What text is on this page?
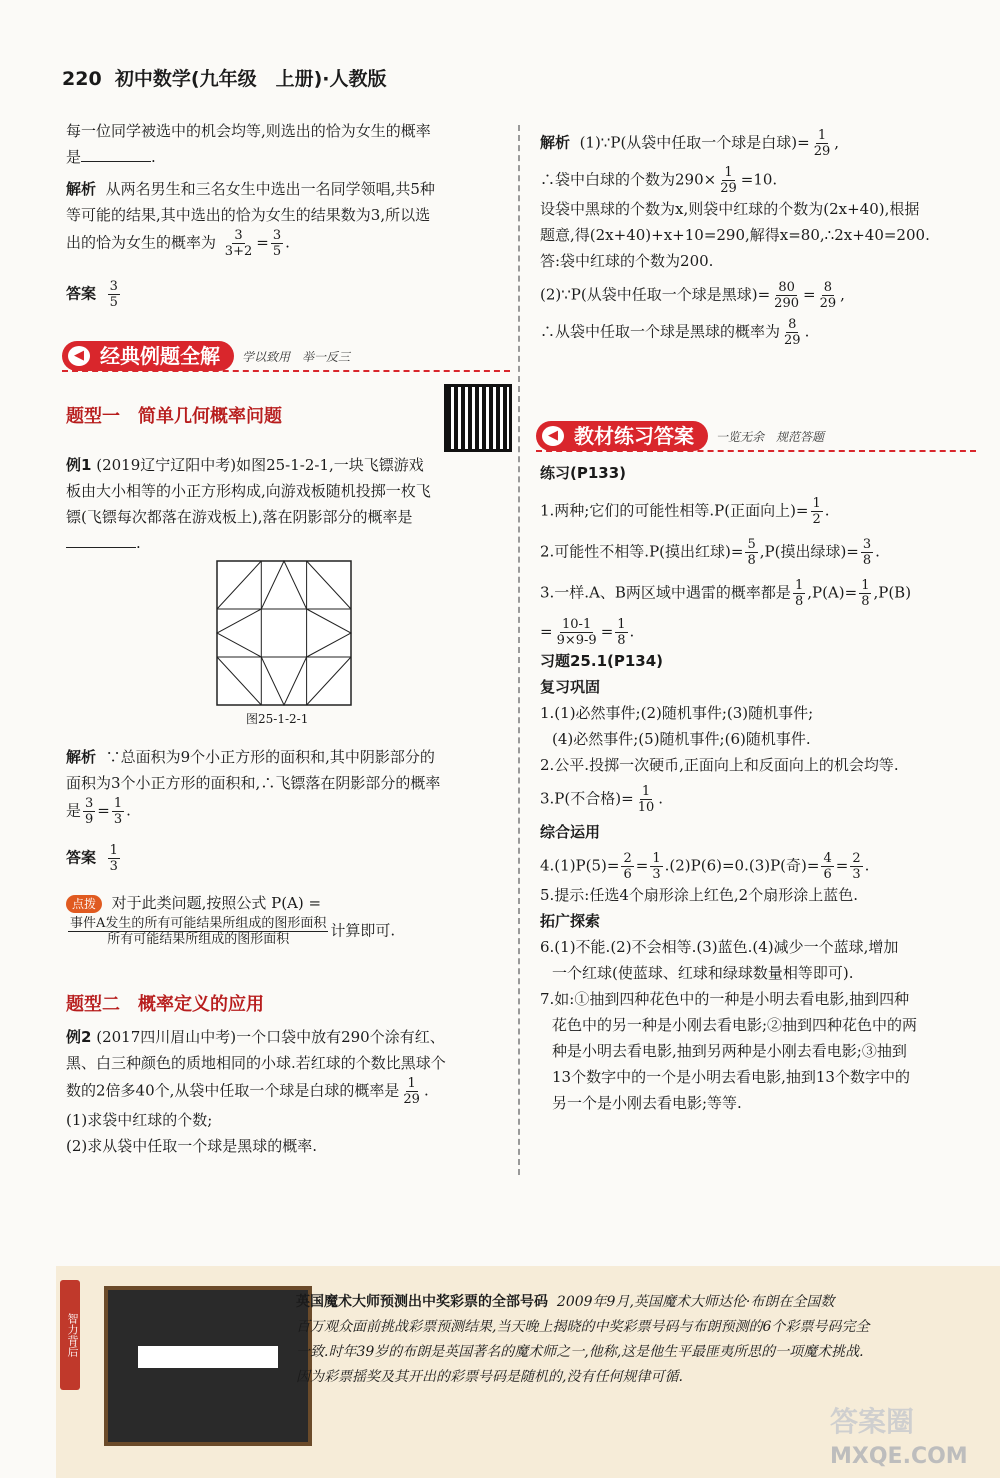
220 初中数学(九年级　上册)·人教版

每一位同学被选中的机会均等,则选出的恰为女生的概率

是	.

解析 从两名男生和三名女生中选出一名同学领唱,共5种

等可能的结果,其中选出的恰为女生的结果数为3,所以选

出的恰为女生的概率为 $\frac{3}{3+2} = \frac{3}{5}$ .

答案 $\frac{3}{5}$

◀ 经典例题全解	学以致用　举一反三
题型一　简单几何概率问题

例1 (2019辽宁辽阳中考)如图25-1-2-1,一块飞镖游戏

板由大小相等的小正方形构成,向游戏板随机投掷一枚飞

镖(飞镖每次都落在游戏板上),落在阴影部分的概率是

.

图25-1-2-1

解析 ∵总面积为9个小正方形的面积和,其中阴影部分的

面积为3个小正方形的面积和,∴飞镖落在阴影部分的概率

是 $\frac{3}{9} = \frac{1}{3}$ .

答案 $\frac{1}{3}$

点拨 对于此类问题,按照公式 P(A) =

$\frac{\text{事件A发生的所有可能结果所组成的图形面积}}{\text{所有可能结果所组成的图形面积}}$ 计算即可.

题型二　概率定义的应用

例2 (2017四川眉山中考)一个口袋中放有290个涂有红、

黑、白三种颜色的质地相同的小球.若红球的个数比黑球个

数的2倍多40个,从袋中任取一个球是白球的概率是 $\frac{1}{29}$ .

(1)求袋中红球的个数;

(2)求从袋中任取一个球是黑球的概率.

解析 (1)∵P(从袋中任取一个球是白球)= $\frac{1}{29}$ ,

∴袋中白球的个数为$290\times \frac{1}{29} =10$.

设袋中黑球的个数为x,则袋中红球的个数为(2x+40),根据

题意,得(2x+40)+x+10=290,解得x=80,∴2x+40=200.

答:袋中红球的个数为200.

(2)∵P(从袋中任取一个球是黑球)= $\frac{80}{290} = \frac{8}{29}$ ,

∴从袋中任取一个球是黑球的概率为 $\frac{8}{29}$ .

◀ 教材练习答案	一览无余　规范答题

练习(P133)

1.两种;它们的可能性相等.P(正面向上)= $\frac{1}{2}$ .

2.可能性不相等.P(摸出红球)= $\frac{5}{8} ,P$(摸出绿球)= $\frac{3}{8}$ .

3.一样.A、B两区域中遇雷的概率都是 $\frac{1}{8} ,P(A)= \frac{1}{8} ,P(B)$

= $\frac{10-1}{9\times 9-9} = \frac{1}{8}$ .

习题25.1(P134)

复习巩固

1.(1)必然事件;(2)随机事件;(3)随机事件;

(4)必然事件;(5)随机事件;(6)随机事件.

2.公平.投掷一次硬币,正面向上和反面向上的机会均等.

3.P(不合格)= $\frac{1}{10}$ .

综合运用

$4.(1)P(5)= \frac{2}{6} = \frac{1}{3} .(2)P(6)=0.(3)P$(奇)= $\frac{4}{6} = \frac{2}{3}$ .

5.提示:任选4个扇形涂上红色,2个扇形涂上蓝色.

拓广探索

6.(1)不能.(2)不会相等.(3)蓝色.(4)减少一个蓝球,增加

一个红球(使蓝球、红球和绿球数量相等即可).

7.如:①抽到四种花色中的一种是小明去看电影,抽到四种

花色中的另一种是小刚去看电影;②抽到四种花色中的两

种是小明去看电影,抽到另两种是小刚去看电影;③抽到

13个数字中的一个是小明去看电影,抽到13个数字中的

另一个是小刚去看电影;等等.

智力背后
英国魔术大师预测出中奖彩票的全部号码 2009年9月,英国魔术大师达伦·布朗在全国数
百万观众面前挑战彩票预测结果,当天晚上揭晓的中奖彩票号码与布朗预测的6个彩票号码完全
一致.时年39岁的布朗是英国著名的魔术师之一,他称,这是他生平最匪夷所思的一项魔术挑战.
因为彩票摇奖及其开出的彩票号码是随机的,没有任何规律可循.
答案圈
MXQE.COM
